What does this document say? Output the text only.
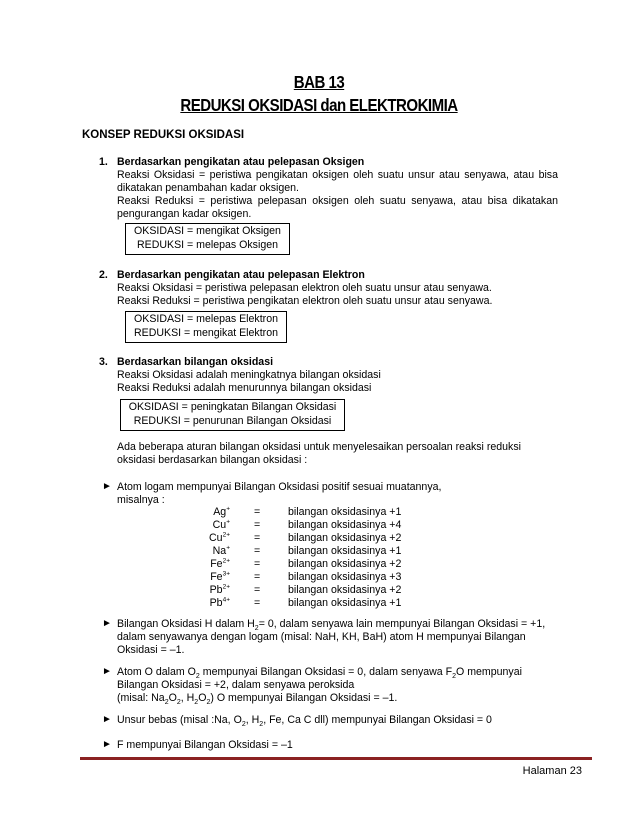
BAB 13
REDUKSI OKSIDASI dan ELEKTROKIMIA
KONSEP REDUKSI OKSIDASI
1. Berdasarkan pengikatan atau pelepasan Oksigen
Reaksi Oksidasi = peristiwa pengikatan oksigen oleh suatu unsur atau senyawa, atau bisa
dikatakan penambahan kadar oksigen.
Reaksi Reduksi = peristiwa pelepasan oksigen oleh suatu senyawa, atau bisa dikatakan
pengurangan kadar oksigen.
OKSIDASI = mengikat Oksigen
REDUKSI = melepas Oksigen
2. Berdasarkan pengikatan atau pelepasan Elektron
Reaksi Oksidasi = peristiwa pelepasan elektron oleh suatu unsur atau senyawa.
Reaksi Reduksi = peristiwa pengikatan elektron oleh suatu unsur atau senyawa.
OKSIDASI = melepas Elektron
REDUKSI = mengikat Elektron
3. Berdasarkan bilangan oksidasi
Reaksi Oksidasi adalah meningkatnya bilangan oksidasi
Reaksi Reduksi adalah menurunnya bilangan oksidasi
OKSIDASI = peningkatan Bilangan Oksidasi
REDUKSI = penurunan Bilangan Oksidasi
Ada beberapa aturan bilangan oksidasi untuk menyelesaikan persoalan reaksi reduksi
oksidasi berdasarkan bilangan oksidasi :
► Atom logam mempunyai Bilangan Oksidasi positif sesuai muatannya,
misalnya :
Ag+ =	bilangan oksidasinya +1
Cu+ =	bilangan oksidasinya +4
$Cu^{2+}$ =	bilangan oksidasinya +2
Na+ =	bilangan oksidasinya +1
$Fe^{2+}$ =	bilangan oksidasinya +2
$Fe^{3+}$ =	bilangan oksidasinya +3
$Pb^{2+}$ =	bilangan oksidasinya +2
$Pb^{4+}$ =	bilangan oksidasinya +1
► Bilangan Oksidasi H dalam $H_2= 0$, dalam senyawa lain mempunyai Bilangan Oksidasi = +1,
dalam senyawanya dengan logam (misal: NaH, KH, BaH) atom H mempunyai Bilangan
Oksidasi = –1.
► Atom O dalam $O_2$ mempunyai Bilangan Oksidasi = 0, dalam senyawa $F_2O$ mempunyai
Bilangan Oksidasi = +2, dalam senyawa peroksida
(misal: $Na_2O_2$, $H_2O_2$) O mempunyai Bilangan Oksidasi = –1.
► Unsur bebas (misal :Na, $O_2$, $H_2$, Fe, Ca C dll) mempunyai Bilangan Oksidasi = 0
► F mempunyai Bilangan Oksidasi = –1
Halaman 23
